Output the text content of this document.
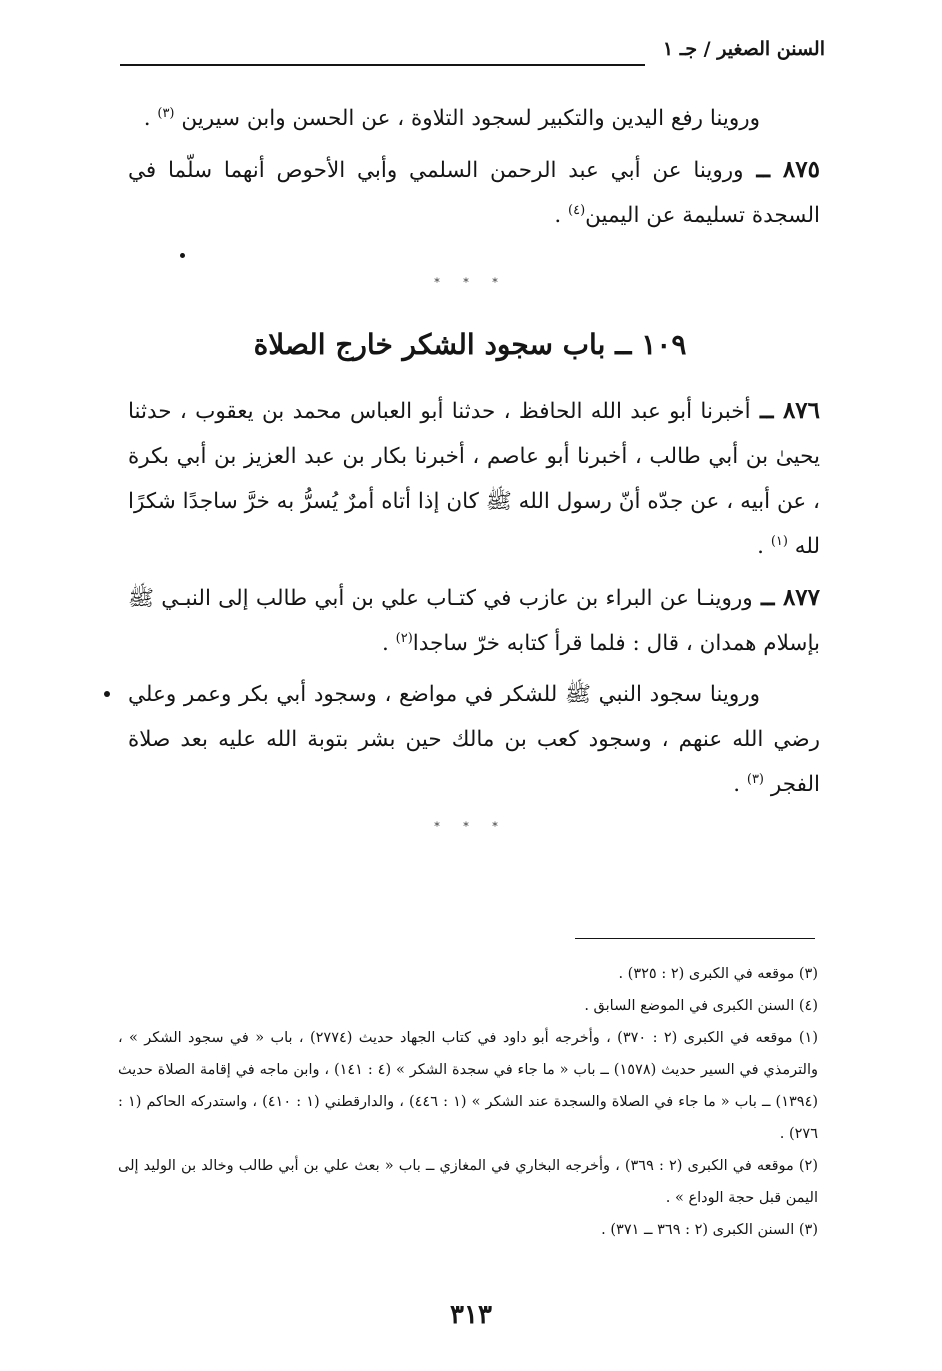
السنن الصغير / جـ ١

وروينا رفع اليدين والتكبير لسجود التلاوة ، عن الحسن وابن سيرين $^{(٣)}$ .

٨٧٥ ــ وروينا عن أبي عبد الرحمن السلمي وأبي الأحوص أنهما سلّما في السجدة تسليمة عن اليمين$^{(٤)}$ .

* * *
١٠٩ ــ باب سجود الشكر خارج الصلاة

٨٧٦ ــ أخبرنا أبو عبد الله الحافظ ، حدثنا أبو العباس محمد بن يعقوب ، حدثنا يحيىٰ بن أبي طالب ، أخبرنا أبو عاصم ، أخبرنا بكار بن عبد العزيز بن أبي بكرة ، عن أبيه ، عن جدّه أنّ رسول الله ﷺ كان إذا أتاه أمرٌ يُسرُّ به خرَّ ساجدًا شكرًا لله $^{(١)}$ .

٨٧٧ ــ وروينـا عن البراء بن عازب في كتـاب علي بن أبي طالب إلى النبـي ﷺ بإسلام همدان ، قال : فلما قرأ كتابه خرّ ساجدا$^{(٢)}$ .

وروينا سجود النبي ﷺ للشكر في مواضع ، وسجود أبي بكر وعمر وعلي رضي الله عنهم ، وسجود كعب بن مالك حين بشر بتوبة الله عليه بعد صلاة الفجر $^{(٣)}$ .

* * *

(٣) موقعه في الكبرى (٢ : ٣٢٥) .

(٤) السنن الكبرى في الموضع السابق .

(١) موقعه في الكبرى (٢ : ٣٧٠) ، وأخرجه أبو داود في كتاب الجهاد حديث (٢٧٧٤) ، باب « في سجود الشكر » ، والترمذي في السير حديث (١٥٧٨) ــ باب « ما جاء في سجدة الشكر » (٤ : ١٤١) ، وابن ماجه في إقامة الصلاة حديث (١٣٩٤) ــ باب « ما جاء في الصلاة والسجدة عند الشكر » (١ : ٤٤٦) ، والدارقطني (١ : ٤١٠) ، واستدركه الحاكم (١ : ٢٧٦) .

(٢) موقعه في الكبرى (٢ : ٣٦٩) ، وأخرجه البخاري في المغازي ــ باب « بعث علي بن أبي طالب وخالد بن الوليد إلى اليمن قبل حجة الوداع » .

(٣) السنن الكبرى (٢ : ٣٦٩ ــ ٣٧١) .

٣١٣
